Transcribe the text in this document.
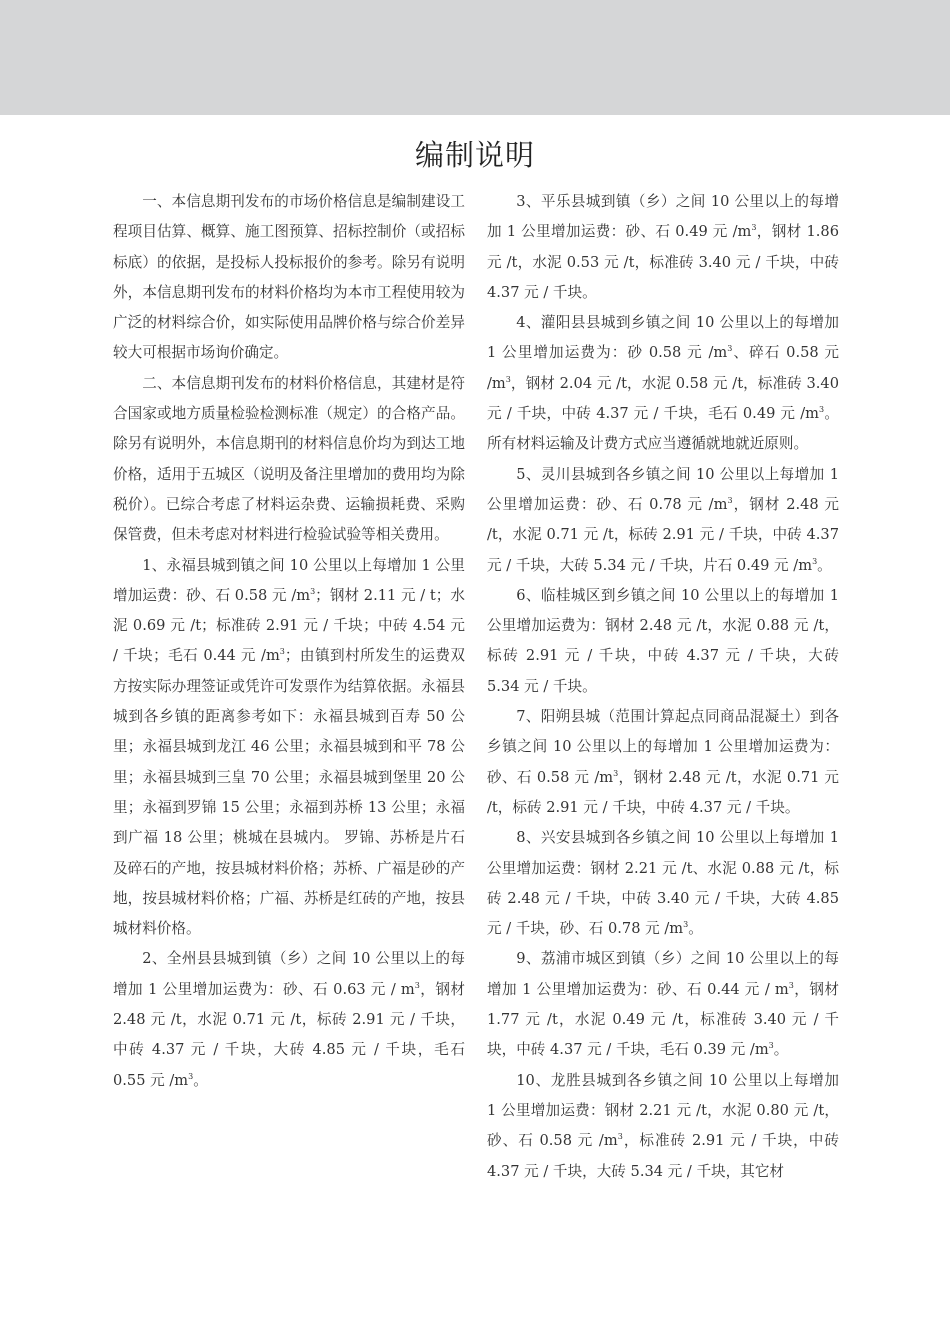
编制说明

一、本信息期刊发布的市场价格信息是编制建设工程项目估算、概算、施工图预算、招标控制价（或招标标底）的依据，是投标人投标报价的参考。除另有说明外，本信息期刊发布的材料价格均为本市工程使用较为广泛的材料综合价，如实际使用品牌价格与综合价差异较大可根据市场询价确定。

二、本信息期刊发布的材料价格信息，其建材是符合国家或地方质量检验检测标准（规定）的合格产品。除另有说明外，本信息期刊的材料信息价均为到达工地价格，适用于五城区（说明及备注里增加的费用均为除税价）。已综合考虑了材料运杂费、运输损耗费、采购保管费，但未考虑对材料进行检验试验等相关费用。

1、永福县城到镇之间 10 公里以上每增加 1 公里增加运费：砂、石 0.58 元 $/m^3$；钢材 2.11 元 / t；水泥 0.69 元 /t；标准砖 2.91 元 / 千块；中砖 4.54 元 / 千块；毛石 0.44 元 $/m^3$；由镇到村所发生的运费双方按实际办理签证或凭许可发票作为结算依据。永福县城到各乡镇的距离参考如下：永福县城到百寿 50 公里；永福县城到龙江 46 公里；永福县城到和平 78 公里；永福县城到三皇 70 公里；永福县城到堡里 20 公里；永福到罗锦 15 公里；永福到苏桥 13 公里；永福到广福 18 公里；桃城在县城内。 罗锦、苏桥是片石及碎石的产地，按县城材料价格；苏桥、广福是砂的产地，按县城材料价格；广福、苏桥是红砖的产地，按县城材料价格。

2、全州县县城到镇（乡）之间 10 公里以上的每增加 1 公里增加运费为：砂、石 0.63 元 / $m^3$，钢材 2.48 元 /t，水泥 0.71 元 /t，标砖 2.91 元 / 千块，中砖 4.37 元 / 千块，大砖 4.85 元 / 千块，毛石 0.55 元 $/m^3$。

3、平乐县城到镇（乡）之间 10 公里以上的每增加 1 公里增加运费：砂、石 0.49 元 $/m^3$，钢材 1.86 元 /t，水泥 0.53 元 /t，标准砖 3.40 元 / 千块，中砖 4.37 元 / 千块。

4、灌阳县县城到乡镇之间 10 公里以上的每增加 1 公里增加运费为：砂 0.58 元 $/m^3$、碎石 0.58 元 $/m^3$，钢材 2.04 元 /t，水泥 0.58 元 /t，标准砖 3.40 元 / 千块，中砖 4.37 元 / 千块，毛石 0.49 元 $/m^3$。所有材料运输及计费方式应当遵循就地就近原则。

5、灵川县城到各乡镇之间 10 公里以上每增加 1 公里增加运费：砂、石 0.78 元 $/m^3$，钢材 2.48 元 /t，水泥 0.71 元 /t，标砖 2.91 元 / 千块，中砖 4.37 元 / 千块，大砖 5.34 元 / 千块，片石 0.49 元 $/m^3$。

6、临桂城区到乡镇之间 10 公里以上的每增加 1 公里增加运费为：钢材 2.48 元 /t，水泥 0.88 元 /t，标砖 2.91 元 / 千块，中砖 4.37 元 / 千块，大砖 5.34 元 / 千块。

7、阳朔县城（范围计算起点同商品混凝土）到各乡镇之间 10 公里以上的每增加 1 公里增加运费为：砂、石 0.58 元 $/m^3$，钢材 2.48 元 /t，水泥 0.71 元 /t，标砖 2.91 元 / 千块，中砖 4.37 元 / 千块。

8、兴安县城到各乡镇之间 10 公里以上每增加 1 公里增加运费：钢材 2.21 元 /t、水泥 0.88 元 /t，标砖 2.48 元 / 千块，中砖 3.40 元 / 千块，大砖 4.85 元 / 千块，砂、石 0.78 元 $/m^3$。

9、荔浦市城区到镇（乡）之间 10 公里以上的每增加 1 公里增加运费为：砂、石 0.44 元 / $m^3$，钢材 1.77 元 /t，水泥 0.49 元 /t，标准砖 3.40 元 / 千块，中砖 4.37 元 / 千块，毛石 0.39 元 $/m^3$。

10、龙胜县城到各乡镇之间 10 公里以上每增加 1 公里增加运费：钢材 2.21 元 /t，水泥 0.80 元 /t，砂、石 0.58 元 $/m^3$，标准砖 2.91 元 / 千块，中砖 4.37 元 / 千块，大砖 5.34 元 / 千块，其它材
